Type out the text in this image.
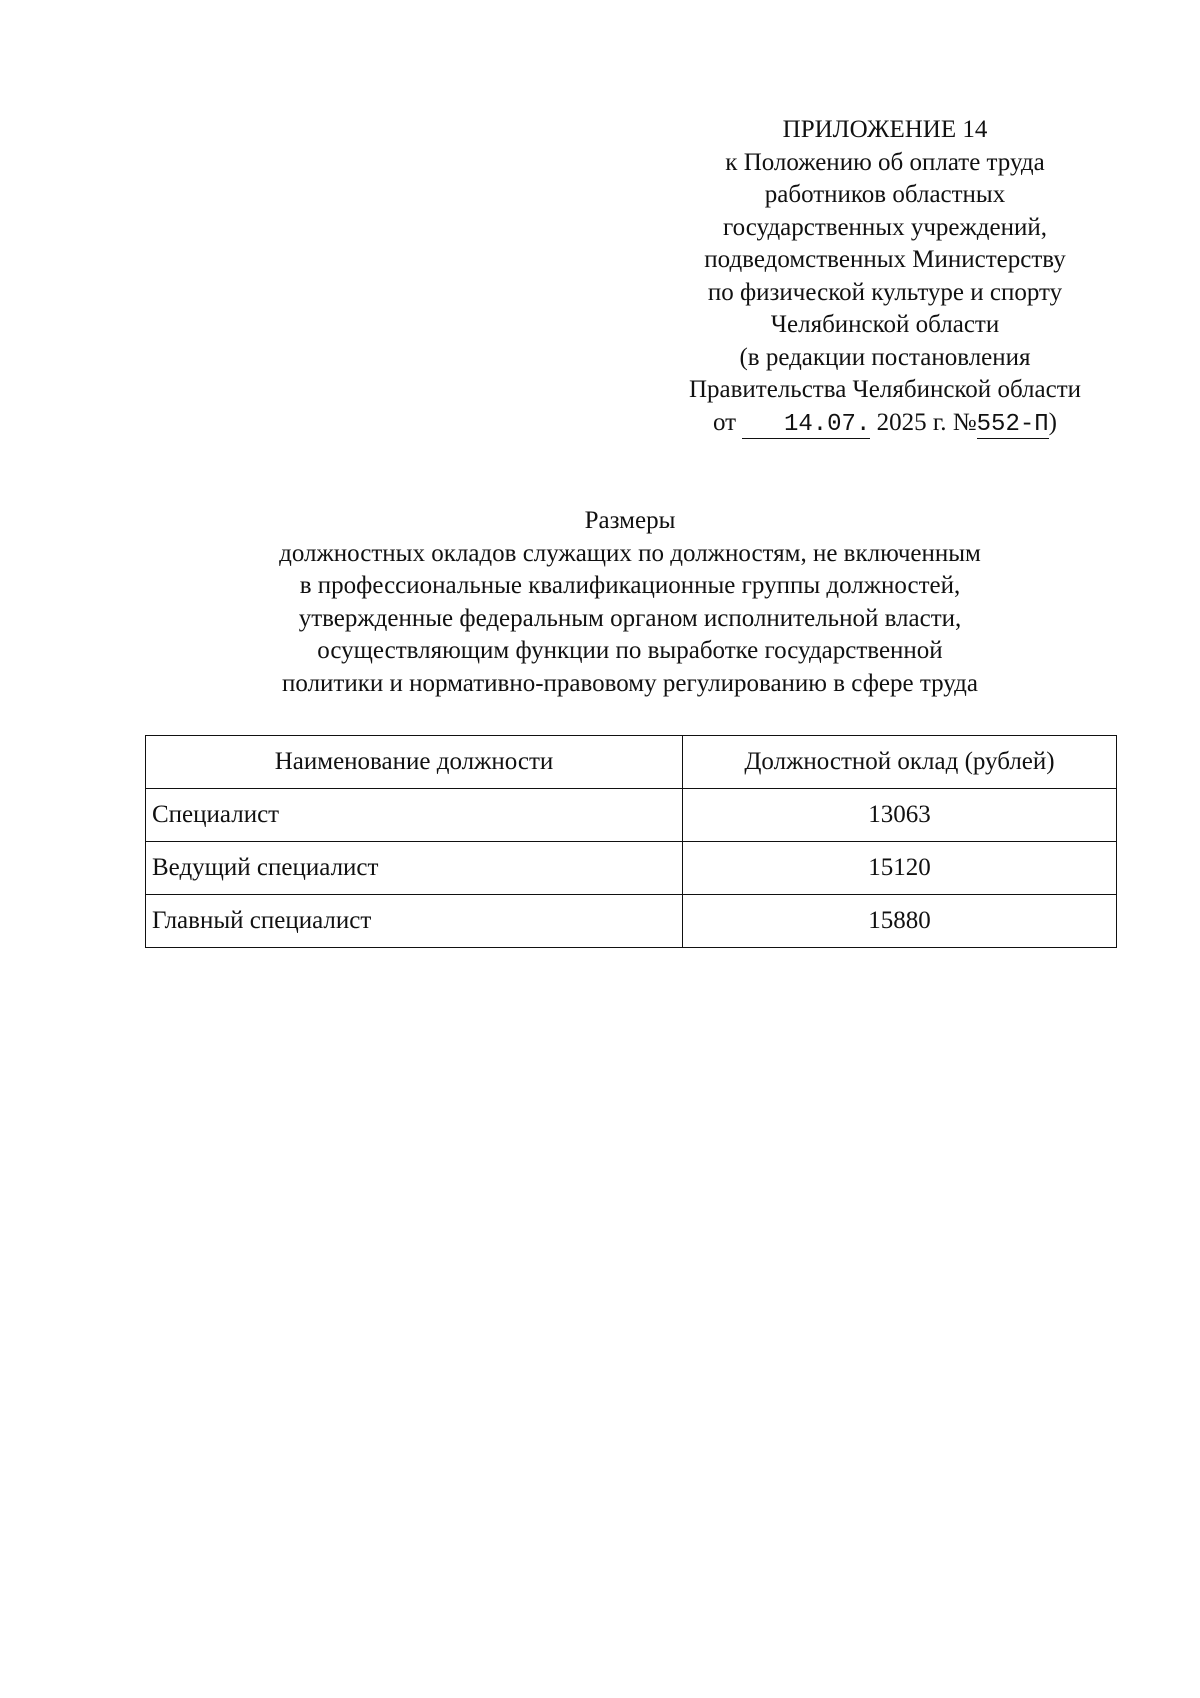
ПРИЛОЖЕНИЕ 14
к Положению об оплате труда
работников областных
государственных учреждений,
подведомственных Министерству
по физической культуре и спорту
Челябинской области
(в редакции постановления
Правительства Челябинской области
от 14.07. 2025 г. №552-П)
Размеры
должностных окладов служащих по должностям, не включенным
в профессиональные квалификационные группы должностей,
утвержденные федеральным органом исполнительной власти,
осуществляющим функции по выработке государственной
политики и нормативно-правовому регулированию в сфере труда
Наименование должности	Должностной оклад (рублей)
Специалист	13063
Ведущий специалист	15120
Главный специалист	15880
